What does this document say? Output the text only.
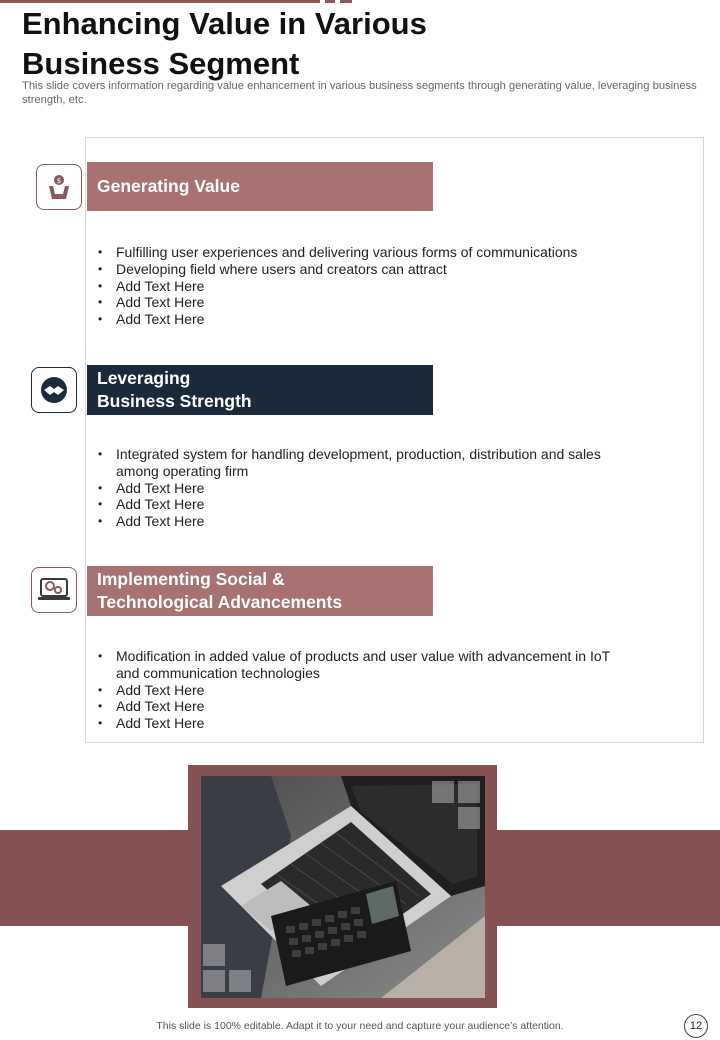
Enhancing Value in Various Business Segment

This slide covers information regarding value enhancement in various business segments through generating value, leveraging business strength, etc.

$ Generating Value
• Fulfilling user experiences and delivering various forms of communications
• Developing field where users and creators can attract
• Add Text Here
• Add Text Here
• Add Text Here
Leveraging
Business Strength
• Integrated system for handling development, production, distribution and sales among operating firm
• Add Text Here
• Add Text Here
• Add Text Here
Implementing Social &
Technological Advancements
• Modification in added value of products and user value with advancement in IoT and communication technologies
• Add Text Here
• Add Text Here
• Add Text Here

This slide is 100% editable. Adapt it to your need and capture your audience’s attention.	12
